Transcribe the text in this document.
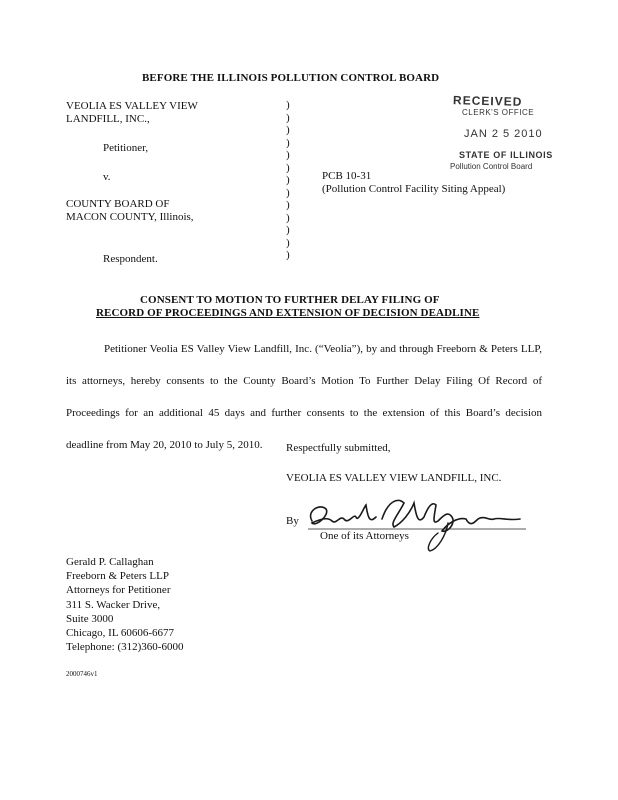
BEFORE THE ILLINOIS POLLUTION CONTROL BOARD
VEOLIA ES VALLEY VIEW
LANDFILL, INC.,
Petitioner,
v.
COUNTY BOARD OF
MACON COUNTY, Illinois,
Respondent.
)
)
)
)
)
)
)
)
)
)
)
)
)
PCB 10-31
(Pollution Control Facility Siting Appeal)
RECEIVED
CLERK'S OFFICE
JAN 2 5 2010
STATE OF ILLINOIS
Pollution Control Board
CONSENT TO MOTION TO FURTHER DELAY FILING OF
RECORD OF PROCEEDINGS AND EXTENSION OF DECISION DEADLINE
Petitioner Veolia ES Valley View Landfill, Inc. (“Veolia”), by and through Freeborn & Peters LLP, its attorneys, hereby consents to the County Board’s Motion To Further Delay Filing Of Record of Proceedings for an additional 45 days and further consents to the extension of this Board’s decision deadline from May 20, 2010 to July 5, 2010.	Respectfully submitted,
VEOLIA ES VALLEY VIEW LANDFILL, INC.
By
One of its Attorneys
Gerald P. Callaghan
Freeborn & Peters LLP
Attorneys for Petitioner
311 S. Wacker Drive,
Suite 3000
Chicago, IL 60606-6677
Telephone: (312)360-6000
2000746v1
